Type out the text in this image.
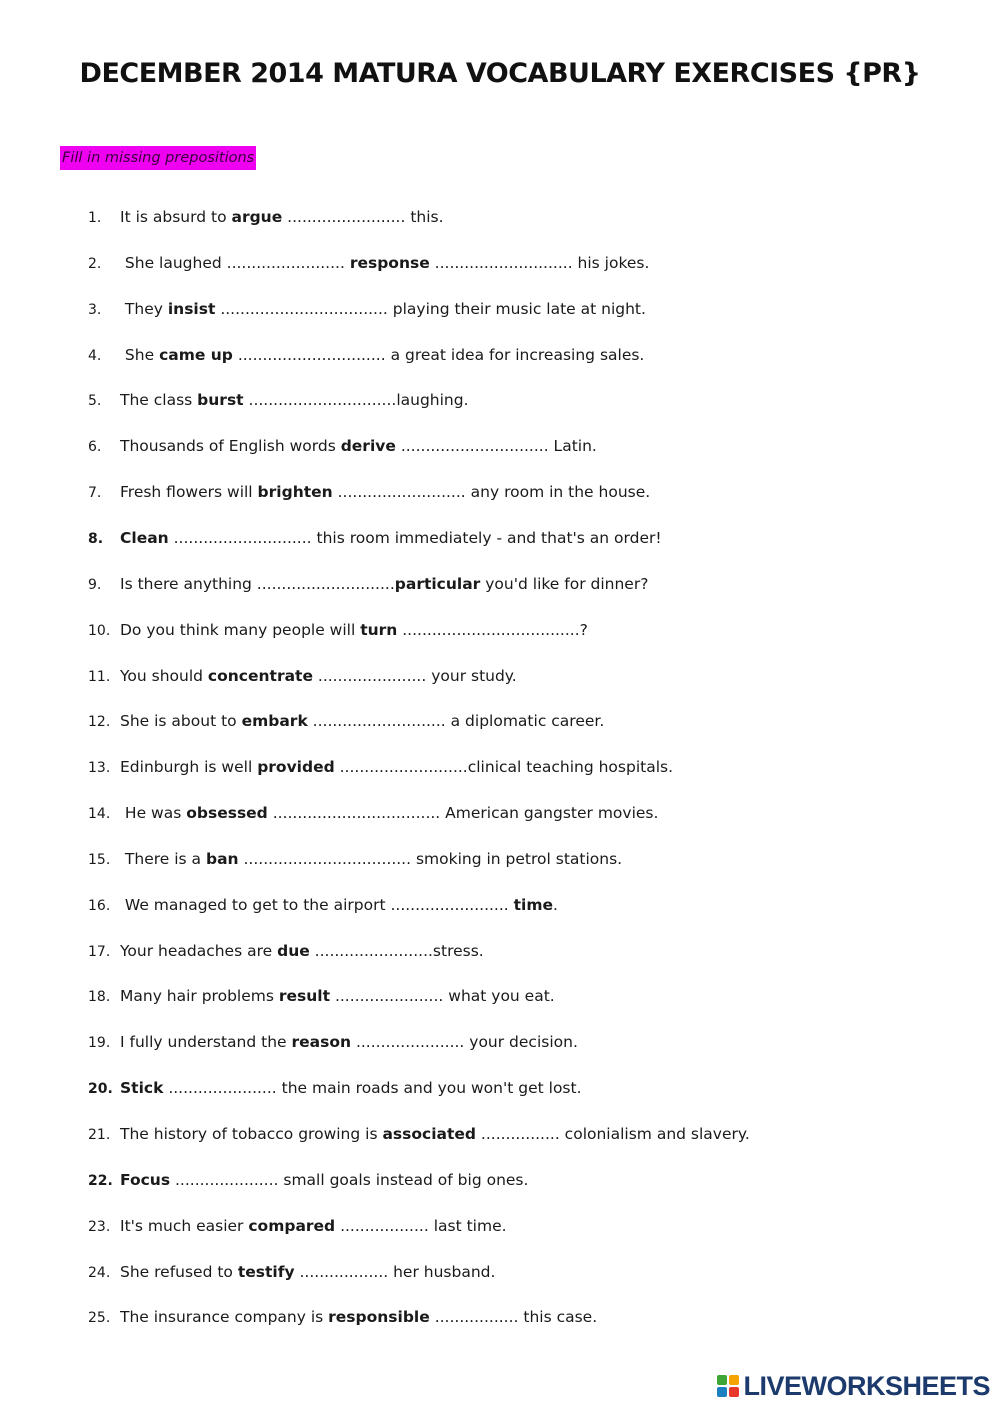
DECEMBER 2014 MATURA VOCABULARY EXERCISES {PR}
Fill in missing prepositions
1. It is absurd to argue ........................ this.
2. She laughed ........................ response ............................ his jokes.
3. They insist .................................. playing their music late at night.
4. She came up .............................. a great idea for increasing sales.
5. The class burst ..............................laughing.
6. Thousands of English words derive .............................. Latin.
7. Fresh flowers will brighten .......................... any room in the house.
8. Clean ............................ this room immediately - and that's an order!
9. Is there anything ............................particular you'd like for dinner?
10. Do you think many people will turn ....................................?
11. You should concentrate ...................... your study.
12. She is about to embark ........................... a diplomatic career.
13. Edinburgh is well provided ..........................clinical teaching hospitals.
14. He was obsessed .................................. American gangster movies.
15. There is a ban .................................. smoking in petrol stations.
16. We managed to get to the airport ........................ time.
17. Your headaches are due ........................stress.
18. Many hair problems result ...................... what you eat.
19. I fully understand the reason ...................... your decision.
20. Stick ...................... the main roads and you won't get lost.
21. The history of tobacco growing is associated ................ colonialism and slavery.
22. Focus ..................... small goals instead of big ones.
23. It's much easier compared .................. last time.
24. She refused to testify .................. her husband.
25. The insurance company is responsible ................. this case.
LIVEWORKSHEETS
